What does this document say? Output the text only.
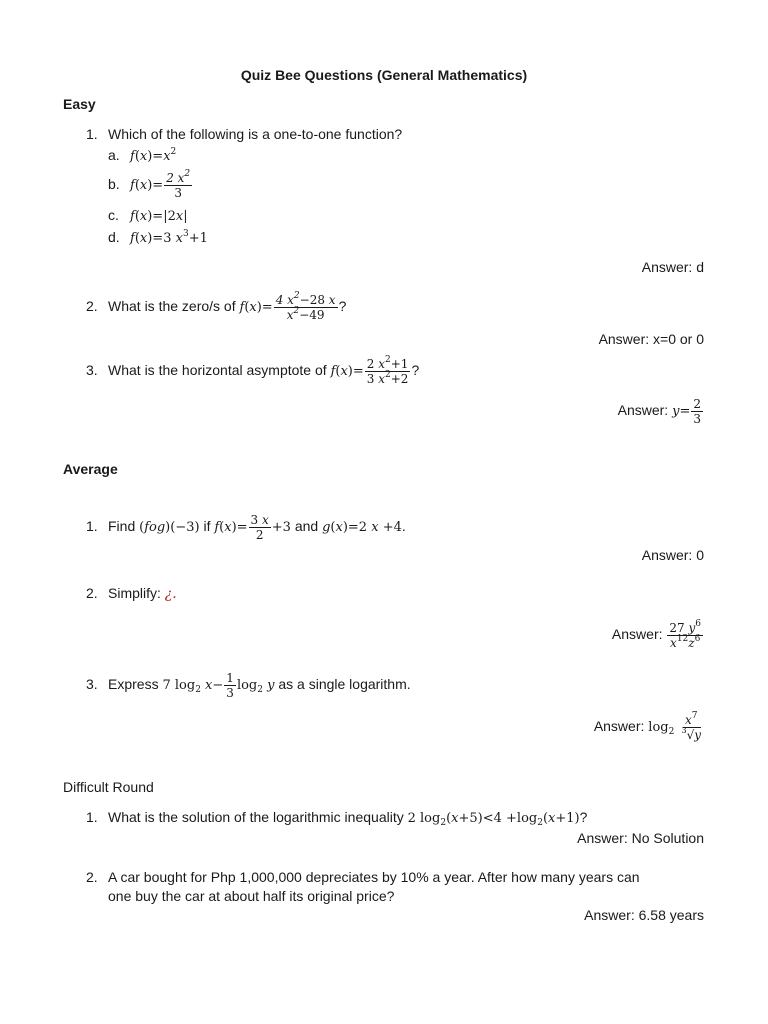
Quiz Bee Questions (General Mathematics)
Easy
1. Which of the following is a one-to-one function?
a. $f(x)=x^2$
b. $f(x)= \frac{2 x^2}{3}$
c. f(x)=|2x|
d. f(x)=3 $x^3+1$
Answer: d
2. What is the zero/s of $f(x)= \frac{4 x^2-28 x}{x^2-49}$ ?
Answer: x=0 or 0
3. What is the horizontal asymptote of $f(x)= \frac{2 x^2+1}{3 x^2+2}$ ?
Answer: $y= \frac{2}{3}$
Average
1. Find (fog)(−3) if $f(x)= \frac{3 x}{2} +3$ and g(x)=2 x +4.
Answer: 0
2. Simplify: ¿.
Answer: $\frac{27 y^6}{x^{12}z^6}$
3. Express 7 $\log_2 x- \frac{1}{3} \log_2 y$ as a single logarithm.
Answer: $\log_2 \frac{x^7}{^3√y}$
Difficult Round
1. What is the solution of the logarithmic inequality 2 $\log_2(x+5)<4 +\log_2(x+1)$?
Answer: No Solution
2. A car bought for Php 1,000,000 depreciates by 10% a year. After how many years can
one buy the car at about half its original price?
Answer: 6.58 years
